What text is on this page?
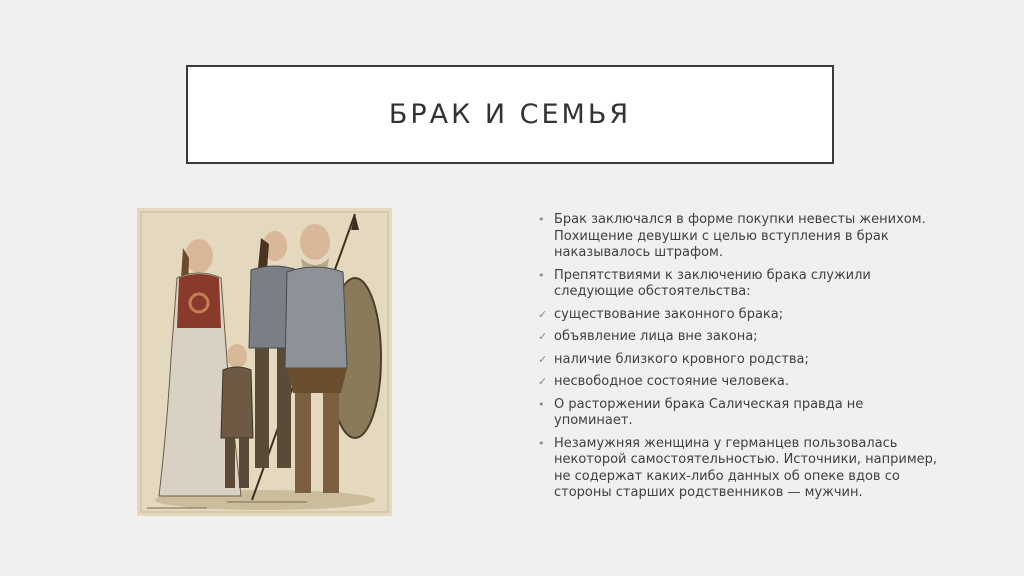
БРАК И СЕМЬЯ
• Брак заключался в форме покупки невесты женихом. Похищение девушки с целью вступления в брак наказывалось штрафом.
• Препятствиями к заключению брака служили следующие обстоятельства:
✓ существование законного брака;
✓ объявление лица вне закона;
✓ наличие близкого кровного родства;
✓ несвободное состояние человека.
• О расторжении брака Салическая правда не упоминает.
• Незамужняя женщина у германцев пользовалась некоторой самостоятельностью. Источники, например, не содержат каких-либо данных об опеке вдов со стороны старших родственников — мужчин.
